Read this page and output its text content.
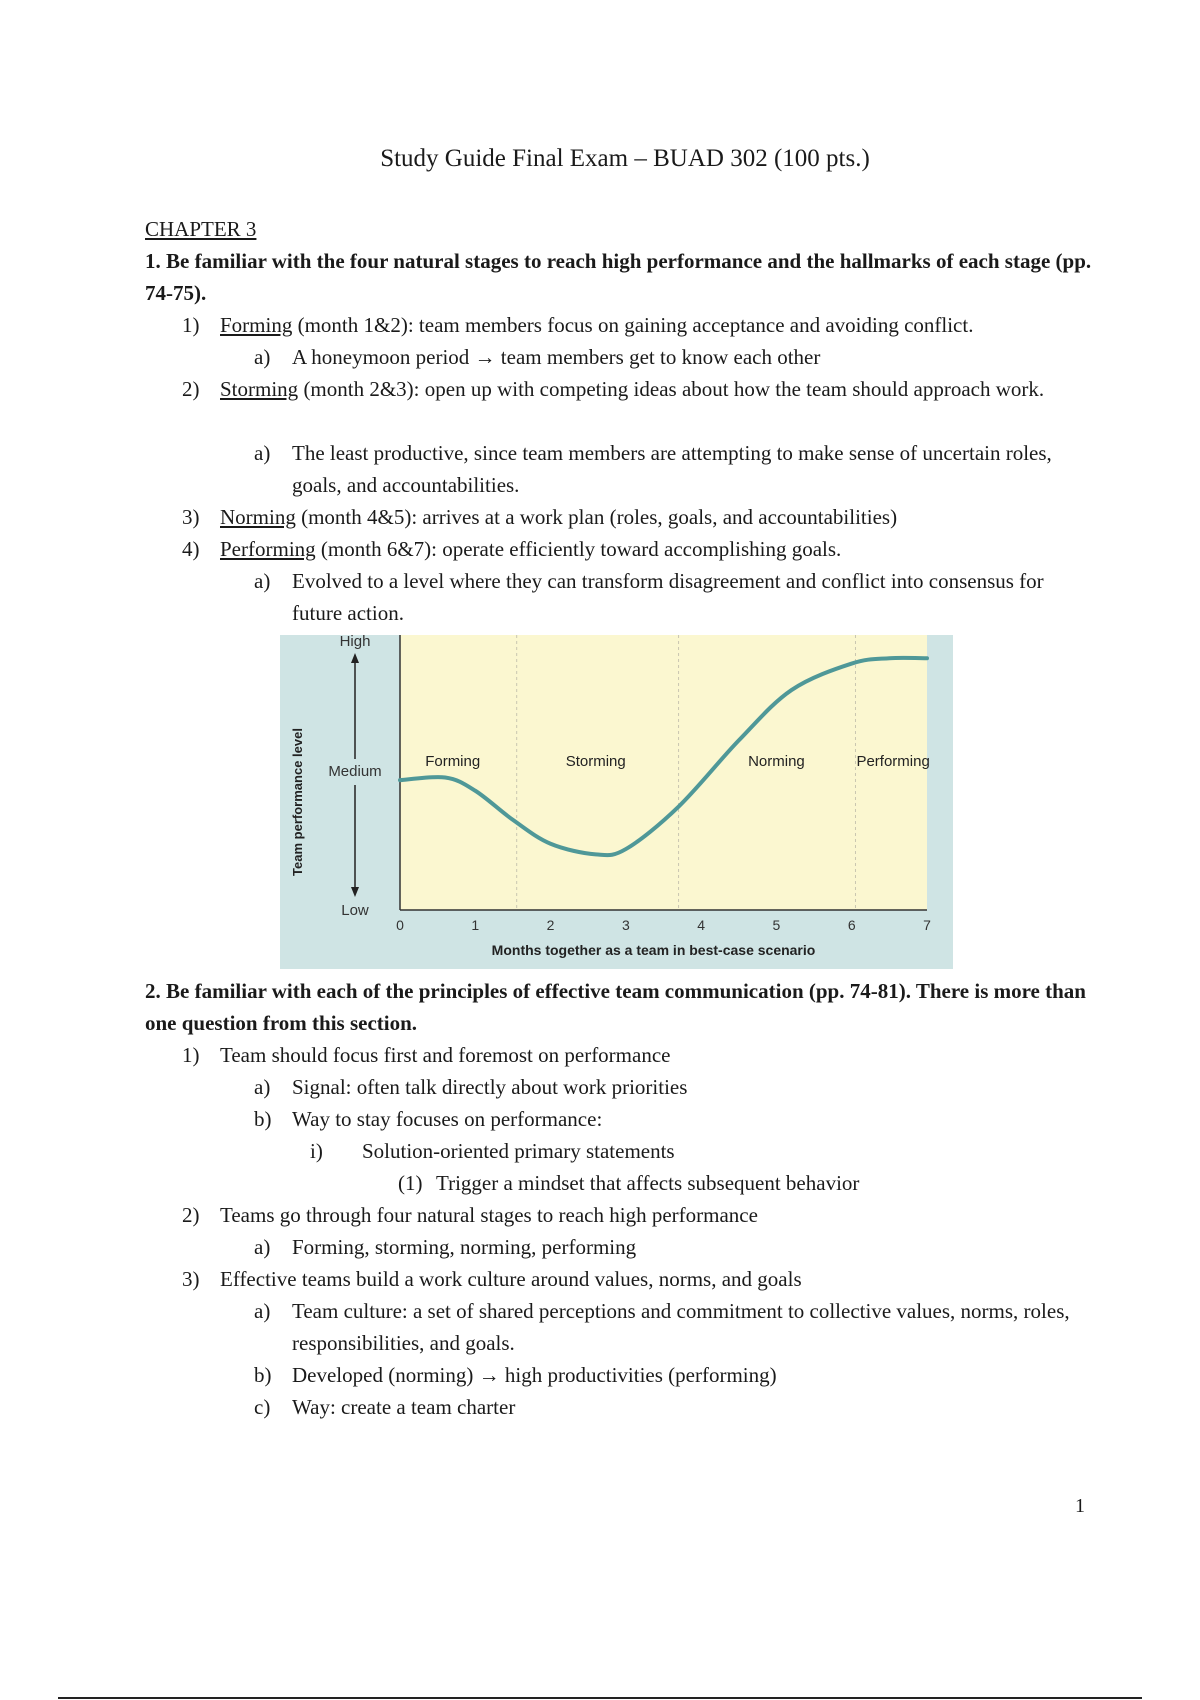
Study Guide Final Exam – BUAD 302 (100 pts.)
CHAPTER 3
1. Be familiar with the four natural stages to reach high performance and the hallmarks of each stage (pp. 74-75).
1) Forming (month 1&2): team members focus on gaining acceptance and avoiding conflict.
a) A honeymoon period → team members get to know each other
2) Storming (month 2&3): open up with competing ideas about how the team should approach work.
a) The least productive, since team members are attempting to make sense of uncertain roles, goals, and accountabilities.
3) Norming (month 4&5): arrives at a work plan (roles, goals, and accountabilities)
4) Performing (month 6&7): operate efficiently toward accomplishing goals.
a) Evolved to a level where they can transform disagreement and conflict into consensus for future action.
High
Medium
Low
Team performance level
Months together as a team in best-case scenario
0	1	2	3	4	5	6	7
Forming	Storming	Norming	Performing
2. Be familiar with each of the principles of effective team communication (pp. 74-81). There is more than one question from this section.
1) Team should focus first and foremost on performance
a) Signal: often talk directly about work priorities
b) Way to stay focuses on performance:
i) Solution-oriented primary statements
(1) Trigger a mindset that affects subsequent behavior
2) Teams go through four natural stages to reach high performance
a) Forming, storming, norming, performing
3) Effective teams build a work culture around values, norms, and goals
a) Team culture: a set of shared perceptions and commitment to collective values, norms, roles, responsibilities, and goals.
b) Developed (norming) → high productivities (performing)
c) Way: create a team charter
1
